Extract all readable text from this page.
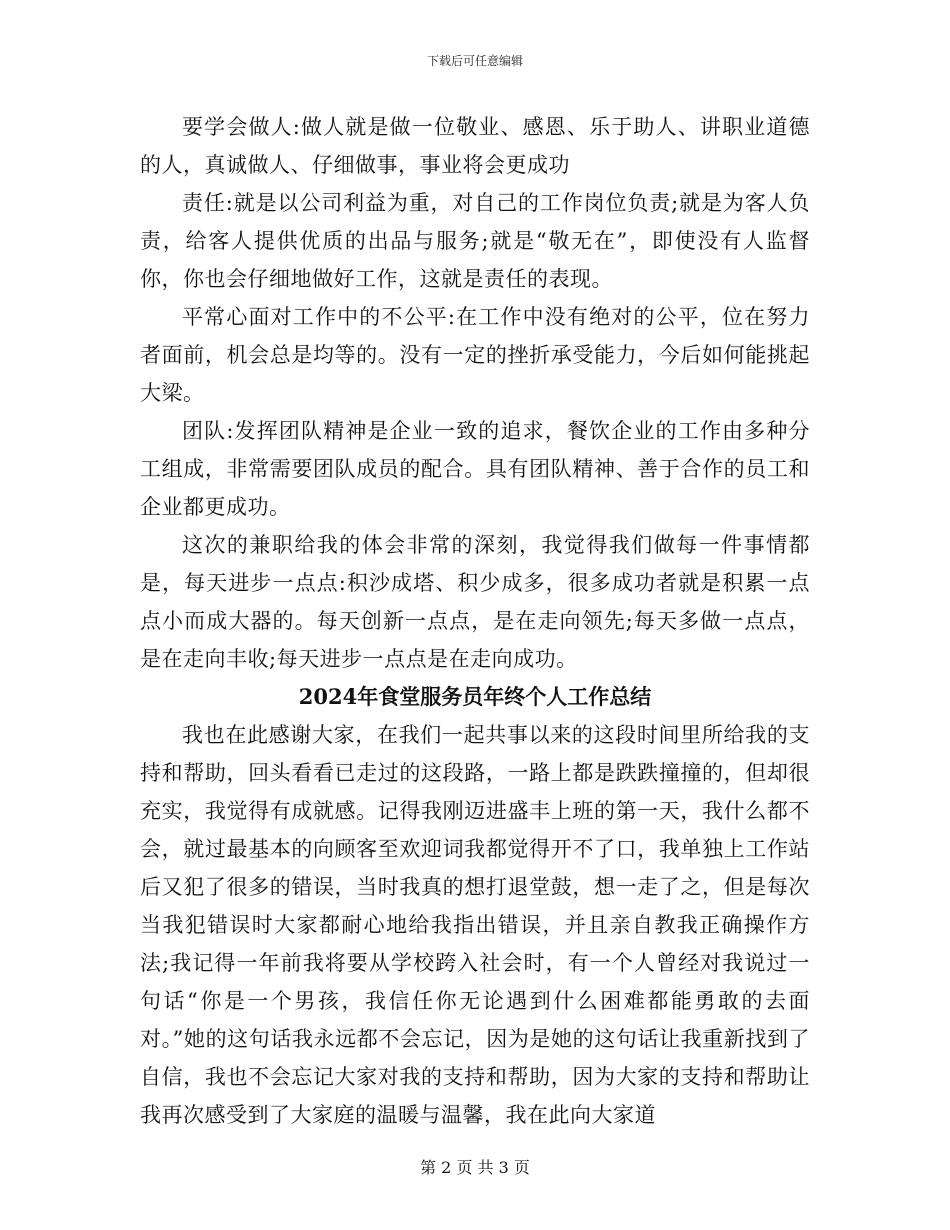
下载后可任意编辑

要学会做人:做人就是做一位敬业、感恩、乐于助人、讲职业道德的人，真诚做人、仔细做事，事业将会更成功

责任:就是以公司利益为重，对自己的工作岗位负责;就是为客人负责，给客人提供优质的出品与服务;就是“敬无在”，即使没有人监督你，你也会仔细地做好工作，这就是责任的表现。

平常心面对工作中的不公平:在工作中没有绝对的公平，位在努力者面前，机会总是均等的。没有一定的挫折承受能力，今后如何能挑起大梁。

团队:发挥团队精神是企业一致的追求，餐饮企业的工作由多种分工组成，非常需要团队成员的配合。具有团队精神、善于合作的员工和企业都更成功。

这次的兼职给我的体会非常的深刻，我觉得我们做每一件事情都是，每天进步一点点:积沙成塔、积少成多，很多成功者就是积累一点点小而成大器的。每天创新一点点，是在走向领先;每天多做一点点，是在走向丰收;每天进步一点点是在走向成功。

2024年食堂服务员年终个人工作总结

我也在此感谢大家，在我们一起共事以来的这段时间里所给我的支持和帮助，回头看看已走过的这段路，一路上都是跌跌撞撞的，但却很充实，我觉得有成就感。记得我刚迈进盛丰上班的第一天，我什么都不会，就过最基本的向顾客至欢迎词我都觉得开不了口，我单独上工作站后又犯了很多的错误，当时我真的想打退堂鼓，想一走了之，但是每次当我犯错误时大家都耐心地给我指出错误，并且亲自教我正确操作方法;我记得一年前我将要从学校跨入社会时，有一个人曾经对我说过一句话“你是一个男孩，我信任你无论遇到什么困难都能勇敢的去面对。”她的这句话我永远都不会忘记，因为是她的这句话让我重新找到了自信，我也不会忘记大家对我的支持和帮助，因为大家的支持和帮助让我再次感受到了大家庭的温暖与温馨，我在此向大家道

第 2 页 共 3 页
